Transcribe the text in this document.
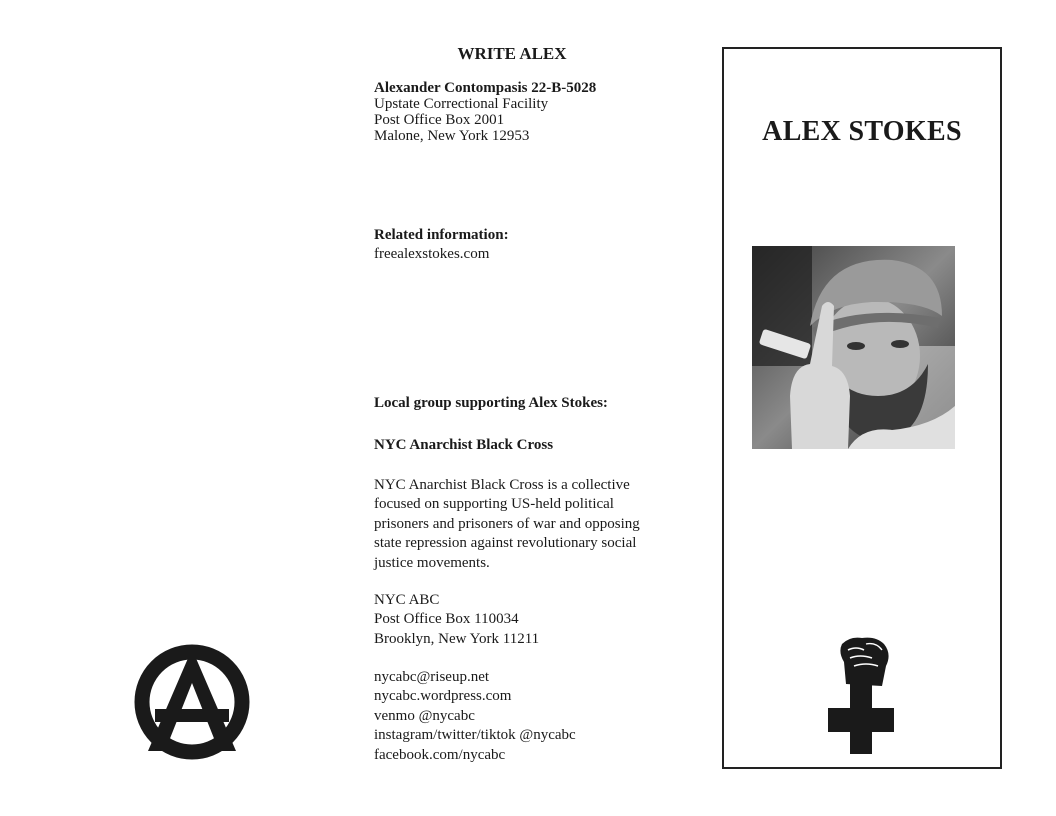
WRITE ALEX
Alexander Contompasis 22-B-5028
Upstate Correctional Facility
Post Office Box 2001
Malone, New York 12953
Related information:
freealexstokes.com
Local group supporting Alex Stokes:
NYC Anarchist Black Cross
NYC Anarchist Black Cross is a collective
focused on supporting US-held political
prisoners and prisoners of war and opposing
state repression against revolutionary social
justice movements.
NYC ABC
Post Office Box 110034
Brooklyn, New York 11211
nycabc@riseup.net
nycabc.wordpress.com
venmo @nycabc
instagram/twitter/tiktok @nycabc
facebook.com/nycabc
ALEX STOKES
